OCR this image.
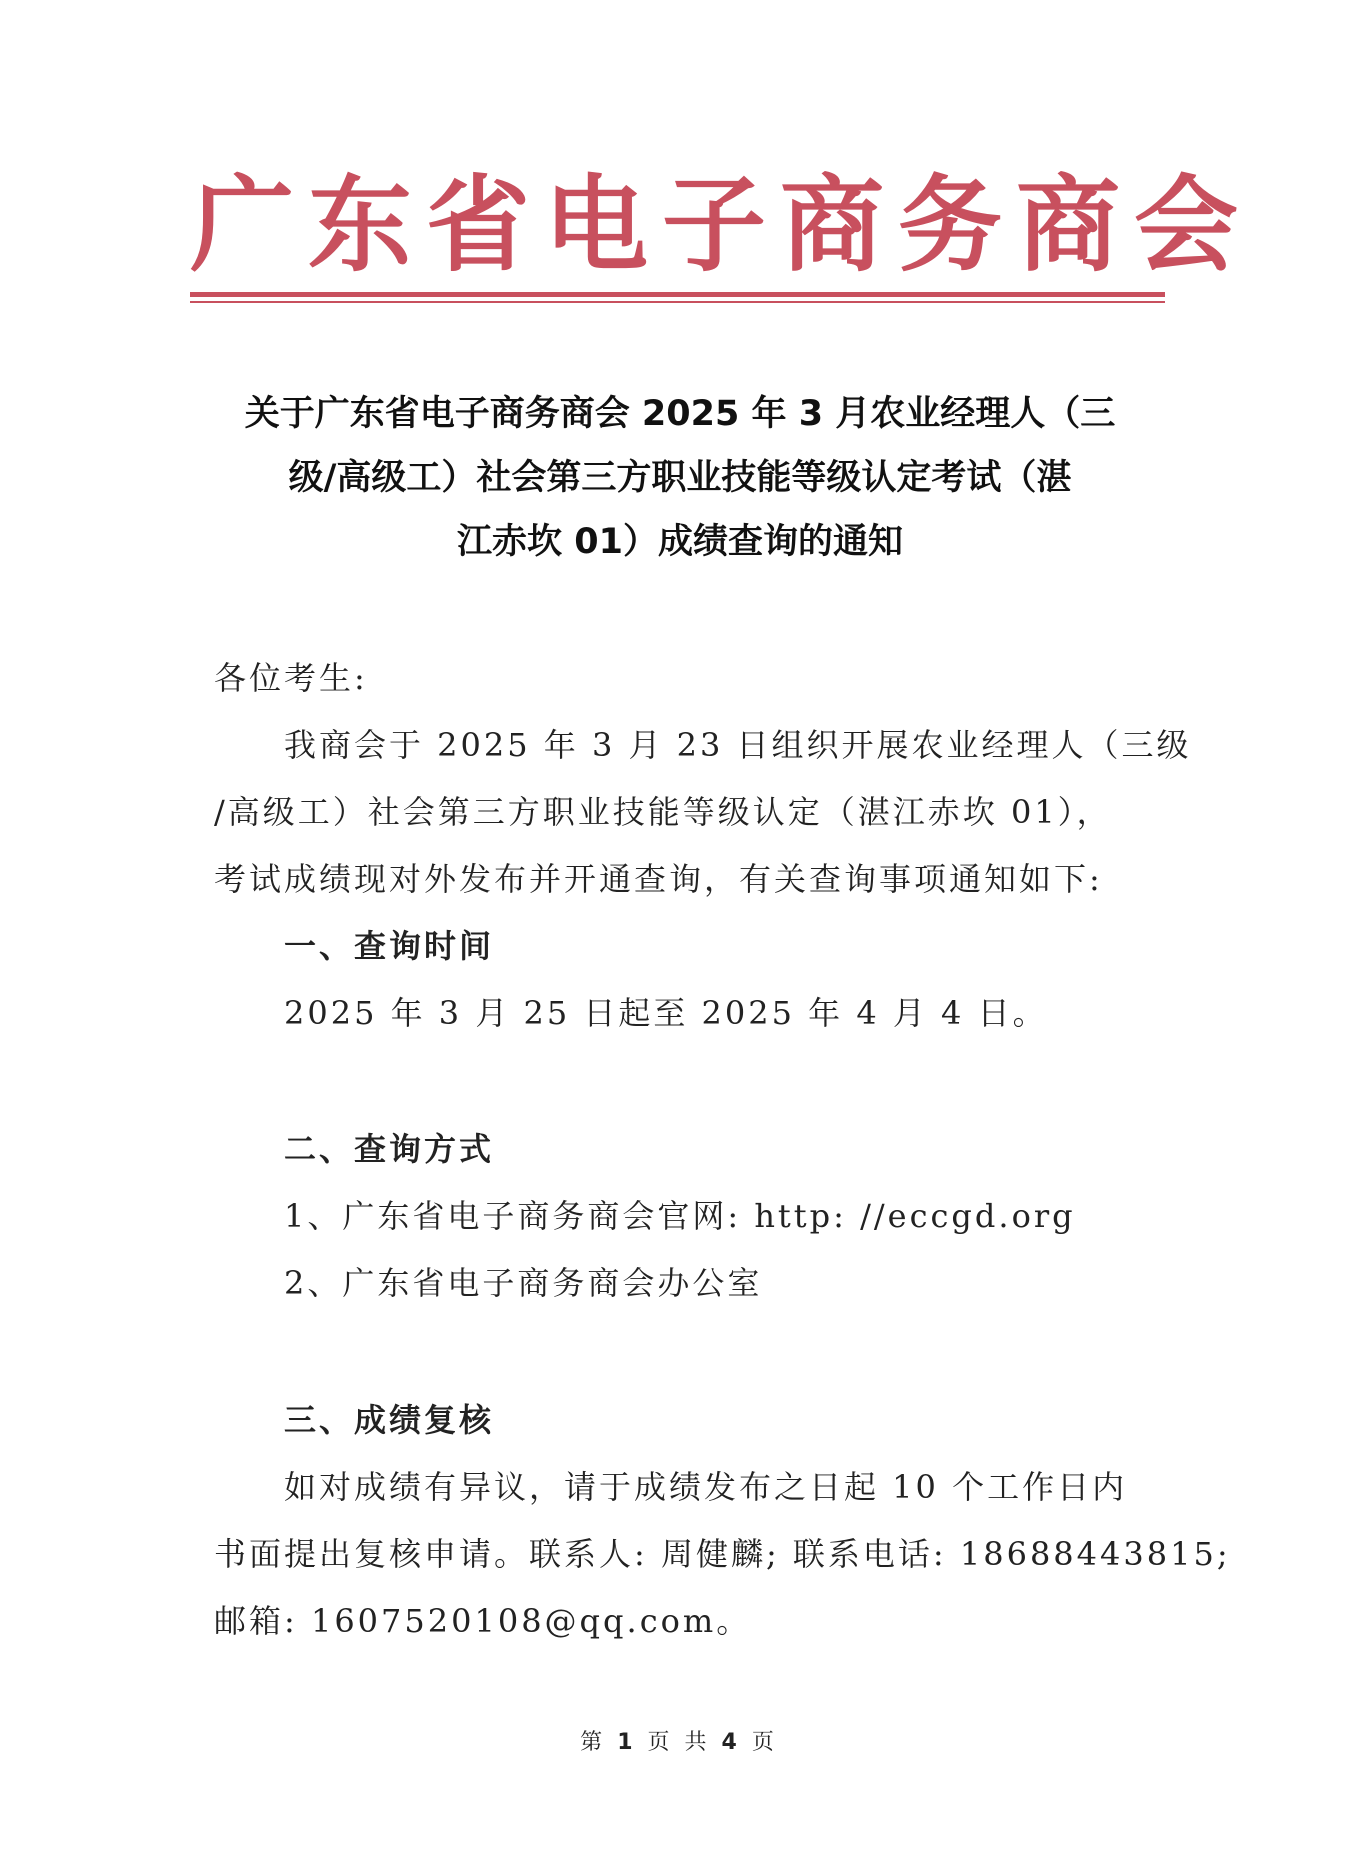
广东省电子商务商会
关于广东省电子商务商会 2025 年 3 月农业经理人（三
级/高级工）社会第三方职业技能等级认定考试（湛
江赤坎 01）成绩查询的通知
各位考生:
我商会于 2025 年 3 月 23 日组织开展农业经理人（三级
/高级工）社会第三方职业技能等级认定（湛江赤坎 01），
考试成绩现对外发布并开通查询，有关查询事项通知如下:
一、查询时间
2025 年 3 月 25 日起至 2025 年 4 月 4 日。
二、查询方式
1、广东省电子商务商会官网: http: //eccgd.org
2、广东省电子商务商会办公室
三、成绩复核
如对成绩有异议，请于成绩发布之日起 10 个工作日内
书面提出复核申请。联系人: 周健麟; 联系电话: 18688443815;
邮箱: 1607520108@qq.com。
第 1 页 共 4 页
